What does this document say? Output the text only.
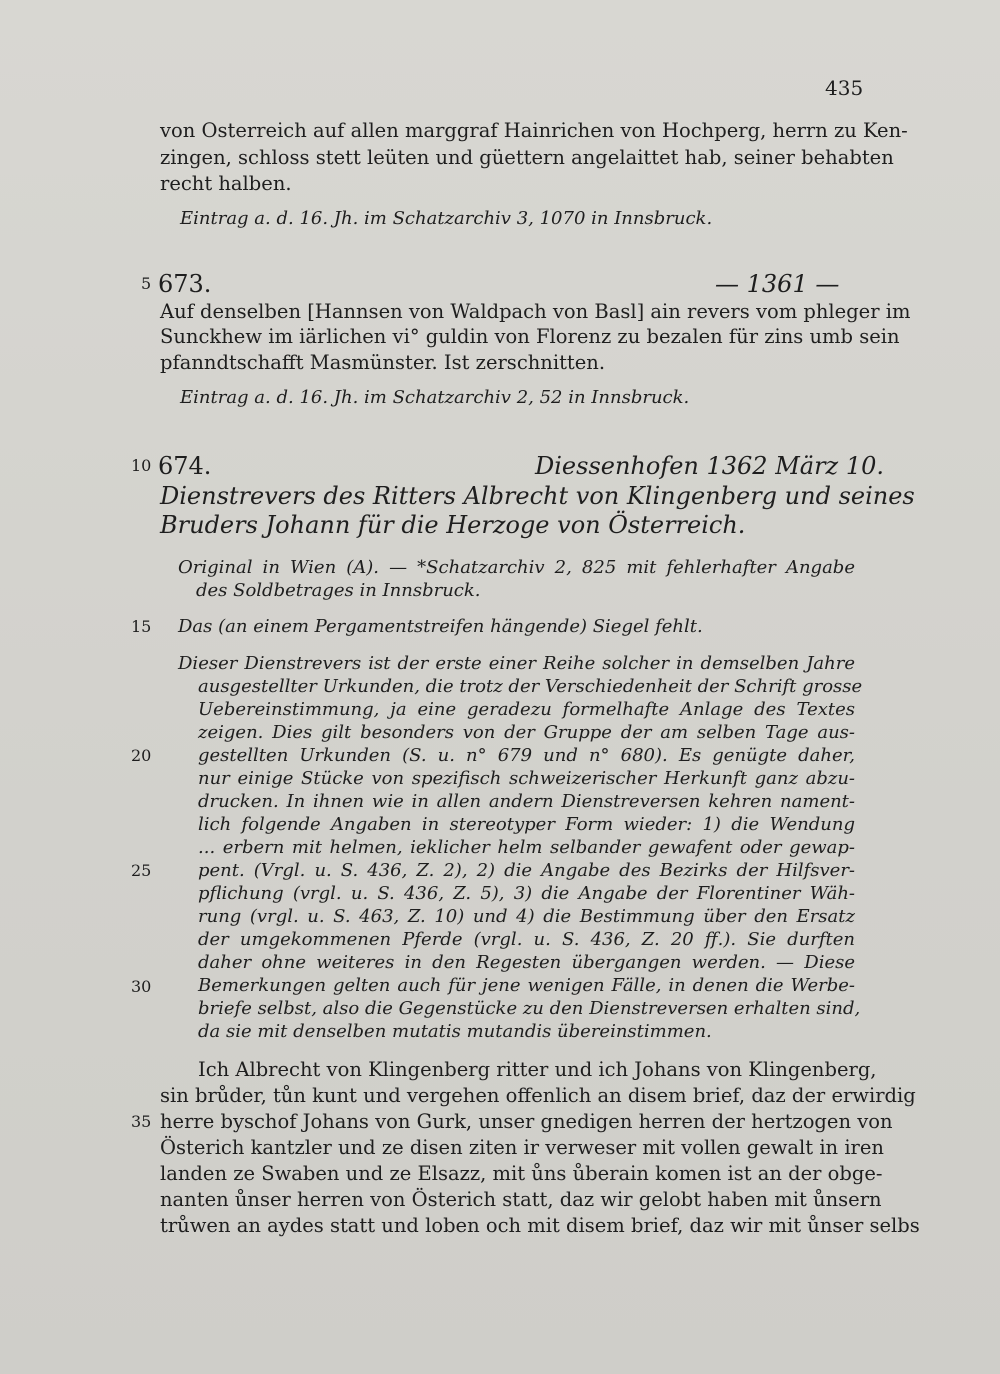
435
von Osterreich auf allen marggraf Hainrichen von Hochperg, herrn zu Ken-
zingen, schloss stett leüten und güettern angelaittet hab, seiner behabten
recht halben.
Eintrag a. d. 16. Jh. im Schatzarchiv 3, 1070 in Innsbruck.
5 673.	— 1361 —
Auf denselben [Hannsen von Waldpach von Basl] ain revers vom phleger im
Sunckhew im iärlichen vi° guldin von Florenz zu bezalen für zins umb sein
pfanndtschafft Masmünster. Ist zerschnitten.
Eintrag a. d. 16. Jh. im Schatzarchiv 2, 52 in Innsbruck.
10 674.	Diessenhofen 1362 März 10.
Dienstrevers des Ritters Albrecht von Klingenberg und seines
Bruders Johann für die Herzoge von Österreich.
Original in Wien (A). — *Schatzarchiv 2, 825 mit fehlerhafter Angabe
des Soldbetrages in Innsbruck.
15 Das (an einem Pergamentstreifen hängende) Siegel fehlt.
Dieser Dienstrevers ist der erste einer Reihe solcher in demselben Jahre
ausgestellter Urkunden, die trotz der Verschiedenheit der Schrift grosse
Uebereinstimmung, ja eine geradezu formelhafte Anlage des Textes
zeigen. Dies gilt besonders von der Gruppe der am selben Tage aus-
20	gestellten Urkunden (S. u. n° 679 und n° 680). Es genügte daher,
nur einige Stücke von spezifisch schweizerischer Herkunft ganz abzu-
drucken. In ihnen wie in allen andern Dienstreversen kehren nament-
lich folgende Angaben in stereotyper Form wieder: 1) die Wendung
... erbern mit helmen, ieklicher helm selbander gewafent oder gewap-
25	pent. (Vrgl. u. S. 436, Z. 2), 2) die Angabe des Bezirks der Hilfsver-
pflichung (vrgl. u. S. 436, Z. 5), 3) die Angabe der Florentiner Wäh-
rung (vrgl. u. S. 463, Z. 10) und 4) die Bestimmung über den Ersatz
der umgekommenen Pferde (vrgl. u. S. 436, Z. 20 ff.). Sie durften
daher ohne weiteres in den Regesten übergangen werden. — Diese
30	Bemerkungen gelten auch für jene wenigen Fälle, in denen die Werbe-
briefe selbst, also die Gegenstücke zu den Dienstreversen erhalten sind,
da sie mit denselben mutatis mutandis übereinstimmen.
Ich Albrecht von Klingenberg ritter und ich Johans von Klingenberg,
sin brůder, tůn kunt und vergehen offenlich an disem brief, daz der erwirdig
35 herre byschof Johans von Gurk, unser gnedigen herren der hertzogen von
Österich kantzler und ze disen ziten ir verweser mit vollen gewalt in iren
landen ze Swaben und ze Elsazz, mit ůns ůberain komen ist an der obge-
nanten ůnser herren von Österich statt, daz wir gelobt haben mit ůnsern
trůwen an aydes statt und loben och mit disem brief, daz wir mit ůnser selbs
